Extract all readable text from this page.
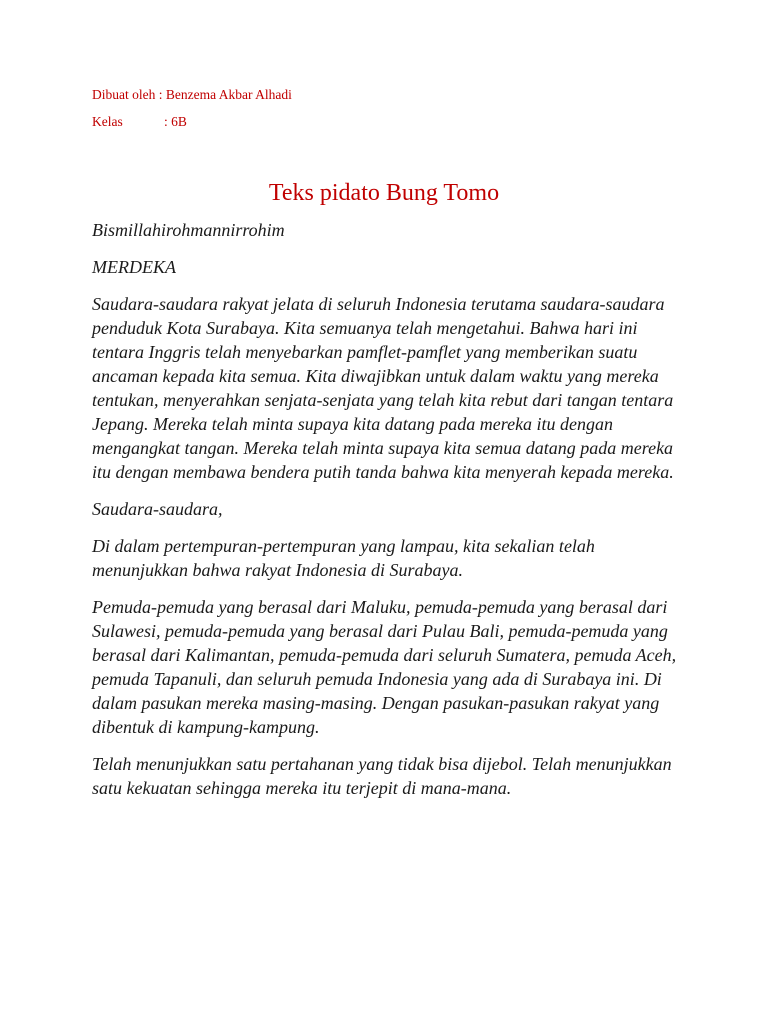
Dibuat oleh : Benzema Akbar Alhadi
Kelas	: 6B
Teks pidato Bung Tomo

Bismillahirohmannirrohim

MERDEKA

Saudara-saudara rakyat jelata di seluruh Indonesia terutama saudara-saudara penduduk Kota Surabaya. Kita semuanya telah mengetahui. Bahwa hari ini tentara Inggris telah menyebarkan pamflet-pamflet yang memberikan suatu ancaman kepada kita semua. Kita diwajibkan untuk dalam waktu yang mereka tentukan, menyerahkan senjata-senjata yang telah kita rebut dari tangan tentara Jepang. Mereka telah minta supaya kita datang pada mereka itu dengan mengangkat tangan. Mereka telah minta supaya kita semua datang pada mereka itu dengan membawa bendera putih tanda bahwa kita menyerah kepada mereka.

Saudara-saudara,

Di dalam pertempuran-pertempuran yang lampau, kita sekalian telah menunjukkan bahwa rakyat Indonesia di Surabaya.

Pemuda-pemuda yang berasal dari Maluku, pemuda-pemuda yang berasal dari Sulawesi, pemuda-pemuda yang berasal dari Pulau Bali, pemuda-pemuda yang berasal dari Kalimantan, pemuda-pemuda dari seluruh Sumatera, pemuda Aceh, pemuda Tapanuli, dan seluruh pemuda Indonesia yang ada di Surabaya ini. Di dalam pasukan mereka masing-masing. Dengan pasukan-pasukan rakyat yang dibentuk di kampung-kampung.

Telah menunjukkan satu pertahanan yang tidak bisa dijebol. Telah menunjukkan satu kekuatan sehingga mereka itu terjepit di mana-mana.
